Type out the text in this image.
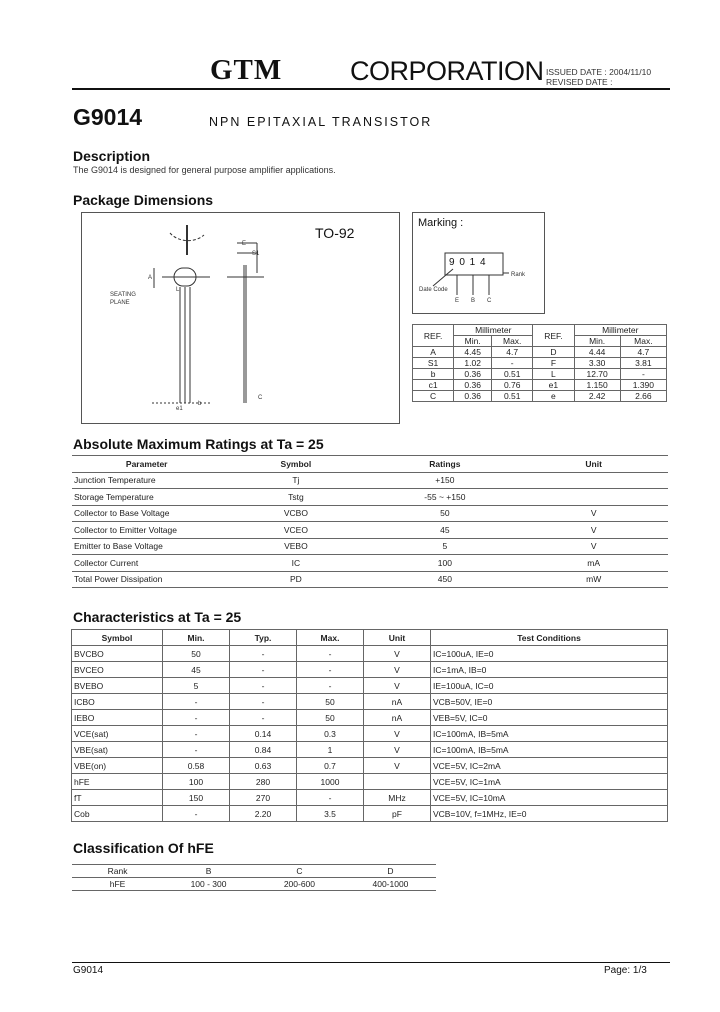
GTM	CORPORATION ISSUED DATE : 2004/11/10
REVISED DATE :
G9014	NPN EPITAXIAL TRANSISTOR
Description
The G9014 is designed for general purpose amplifier applications.
Package Dimensions
TO-92
E
S1
A
L
SEATING
PLANE
C
e1
b
Marking :
9 0 1 4
Rank
Date Code
E B C
REF.	Millimeter		REF.	Millimeter	
	Min.	Max.		Min.	Max.
A	4.45	4.7	D	4.44	4.7
S1	1.02	-	F	3.30	3.81
b	0.36	0.51	L	12.70	-
c1	0.36	0.76	e1	1.150	1.390
C	0.36	0.51	e	2.42	2.66
Absolute Maximum Ratings at Ta = 25
Parameter	Symbol	Ratings	Unit
Junction Temperature	Tj	+150	
Storage Temperature	Tstg	-55 ~ +150	
Collector to Base Voltage	VCBO	50	V
Collector to Emitter Voltage	VCEO	45	V
Emitter to Base Voltage	VEBO	5	V
Collector Current	IC	100	mA
Total Power Dissipation	PD	450	mW
Characteristics at Ta = 25
Symbol	Min.	Typ.	Max.	Unit	Test Conditions
BVCBO	50	-	-	V	IC=100uA, IE=0
BVCEO	45	-	-	V	IC=1mA, IB=0
BVEBO	5	-	-	V	IE=100uA, IC=0
ICBO	-	-	50	nA	VCB=50V, IE=0
IEBO	-	-	50	nA	VEB=5V, IC=0
VCE(sat)	-	0.14	0.3	V	IC=100mA, IB=5mA
VBE(sat)	-	0.84	1	V	IC=100mA, IB=5mA
VBE(on)	0.58	0.63	0.7	V	VCE=5V, IC=2mA
hFE	100	280	1000		VCE=5V, IC=1mA
fT	150	270	-	MHz	VCE=5V, IC=10mA
Cob	-	2.20	3.5	pF	VCB=10V, f=1MHz, IE=0
Classification Of hFE
Rank	B	C	D
hFE	100 - 300	200-600	400-1000
G9014	Page: 1/3
